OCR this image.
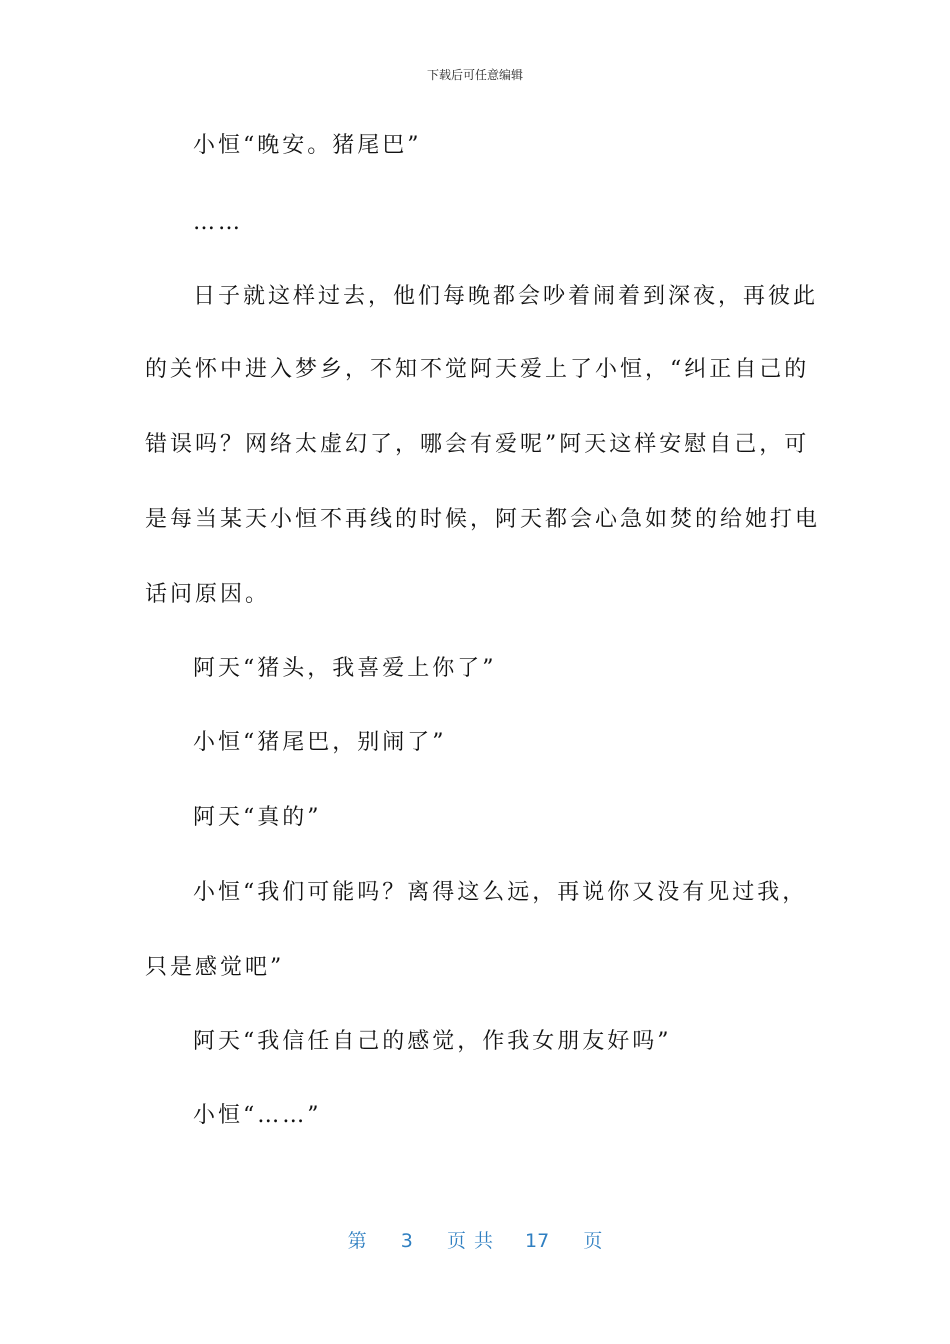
下载后可任意编辑
小恒“晚安。猪尾巴”
……
日子就这样过去，他们每晚都会吵着闹着到深夜，再彼此
的关怀中进入梦乡，不知不觉阿天爱上了小恒，“纠正自己的
错误吗？网络太虚幻了，哪会有爱呢”阿天这样安慰自己，可
是每当某天小恒不再线的时候，阿天都会心急如焚的给她打电
话问原因。
阿天“猪头，我喜爱上你了”
小恒“猪尾巴，别闹了”
阿天“真的”
小恒“我们可能吗？离得这么远，再说你又没有见过我，
只是感觉吧”
阿天“我信任自己的感觉，作我女朋友好吗”
小恒“……”
第 3 页共 17 页
